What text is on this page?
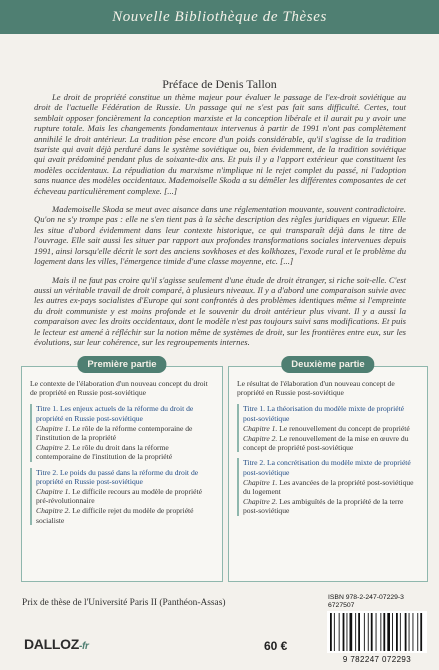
Nouvelle Bibliothèque de Thèses
Préface de Denis Tallon

Le droit de propriété constitue un thème majeur pour évaluer le passage de l'ex-droit soviétique au droit de l'actuelle Fédération de Russie. Un passage qui ne s'est pas fait sans difficulté. Certes, tout semblait opposer foncièrement la conception marxiste et la conception libérale et il aurait pu y avoir une rupture totale. Mais les changements fondamentaux intervenus à partir de 1991 n'ont pas complètement annihilé le droit antérieur. La tradition pèse encore d'un poids considérable, qu'il s'agisse de la tradition tsariste qui avait déjà perduré dans le système soviétique ou, bien évidemment, de la tradition soviétique qui avait prédominé pendant plus de soixante-dix ans. Et puis il y a l'apport extérieur que constituent les modèles occidentaux. La répudiation du marxisme n'implique ni le rejet complet du passé, ni l'adoption sans nuance des modèles occidentaux. Mademoiselle Skoda a su démêler les différentes composantes de cet écheveau particulièrement complexe. [...]

Mademoiselle Skoda se meut avec aisance dans une réglementation mouvante, souvent contradictoire. Qu'on ne s'y trompe pas : elle ne s'en tient pas à la sèche description des règles juridiques en vigueur. Elle les situe d'abord évidemment dans leur contexte historique, ce qui transparaît déjà dans le titre de l'ouvrage. Elle sait aussi les situer par rapport aux profondes transformations sociales intervenues depuis 1991, ainsi lorsqu'elle décrit le sort des anciens sovkhoses et des kolkhozes, l'exode rural et le problème du logement dans les villes, l'émergence timide d'une classe moyenne, etc. [...]

Mais il ne faut pas croire qu'il s'agisse seulement d'une étude de droit étranger, si riche soit-elle. C'est aussi un véritable travail de droit comparé, à plusieurs niveaux. Il y a d'abord une comparaison suivie avec les autres ex-pays socialistes d'Europe qui sont confrontés à des problèmes identiques même si l'empreinte du droit communiste y est moins profonde et le souvenir du droit antérieur plus vivant. Il y a aussi la comparaison avec les droits occidentaux, dont le modèle n'est pas toujours suivi sans modifications. Et puis le lecteur est amené à réfléchir sur la notion même de systèmes de droit, sur les frontières entre eux, sur les évolutions, sur leur cohérence, sur les regroupements internes.

Première partie

Le contexte de l'élaboration d'un nouveau concept du droit de propriété en Russie post-soviétique

Titre 1. Les enjeux actuels de la réforme du droit de propriété en Russie post-soviétique

Chapitre 1. Le rôle de la réforme contemporaine de l'institution de la propriété

Chapitre 2. Le rôle du droit dans la réforme contemporaine de l'institution de la propriété

Titre 2. Le poids du passé dans la réforme du droit de propriété en Russie post-soviétique

Chapitre 1. Le difficile recours au modèle de propriété pré-révolutionnaire

Chapitre 2. Le difficile rejet du modèle de propriété socialiste

Deuxième partie

Le résultat de l'élaboration d'un nouveau concept de propriété en Russie post-soviétique

Titre 1. La théorisation du modèle mixte de propriété post-soviétique

Chapitre 1. Le renouvellement du concept de propriété

Chapitre 2. Le renouvellement de la mise en œuvre du concept de propriété post-soviétique

Titre 2. La concrétisation du modèle mixte de propriété post-soviétique

Chapitre 1. Les avancées de la propriété post-soviétique du logement

Chapitre 2. Les ambiguïtés de la propriété de la terre post-soviétique

Prix de thèse de l'Université Paris II (Panthéon-Assas)
ISBN 978-2-247-07229-3
6727507
9 782247 072293
DALLOZ-fr	60 €
